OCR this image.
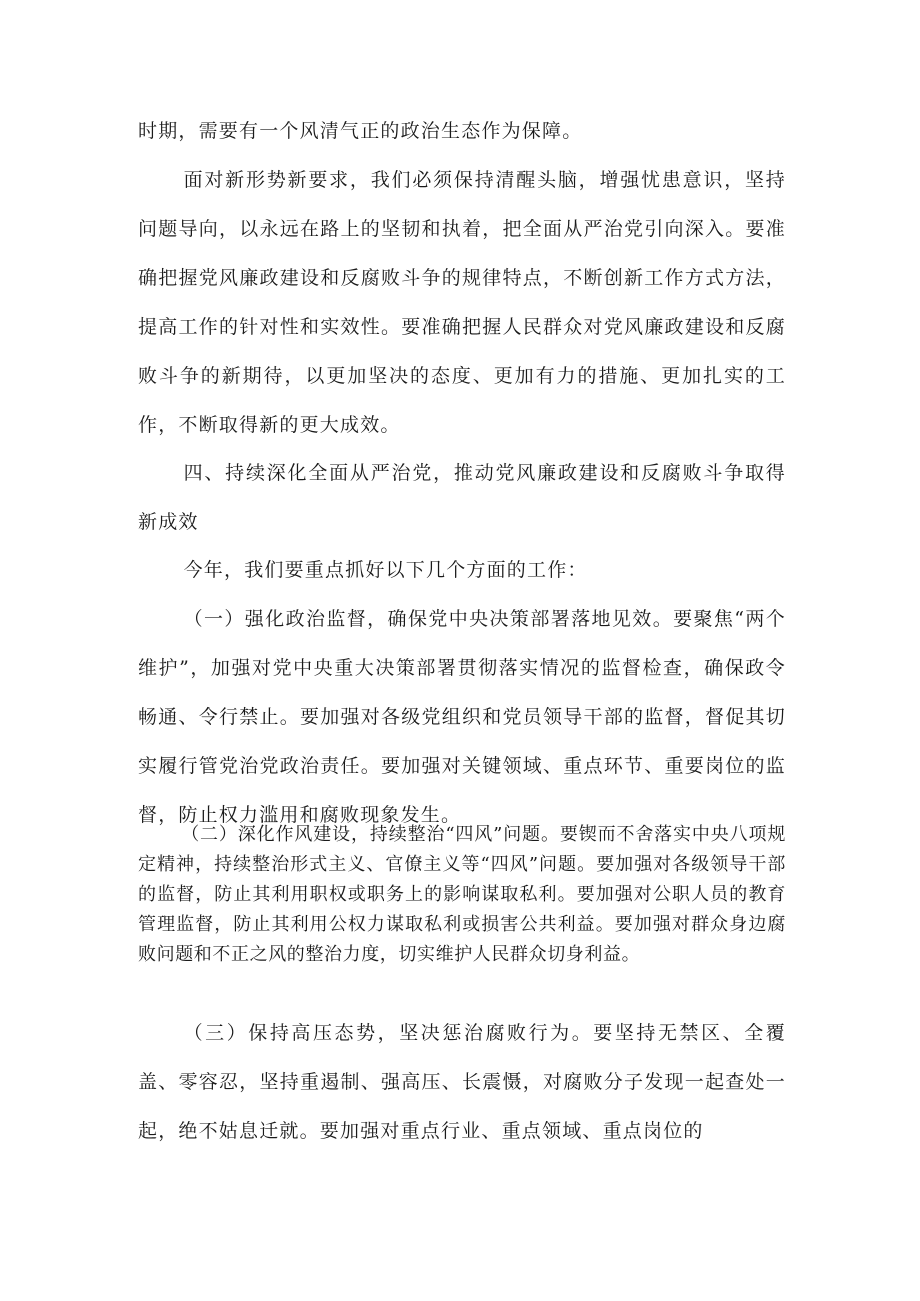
时期，需要有一个风清气正的政治生态作为保障。

面对新形势新要求，我们必须保持清醒头脑，增强忧患意识，坚持问题导向，以永远在路上的坚韧和执着，把全面从严治党引向深入。要准确把握党风廉政建设和反腐败斗争的规律特点，不断创新工作方式方法，提高工作的针对性和实效性。要准确把握人民群众对党风廉政建设和反腐败斗争的新期待，以更加坚决的态度、更加有力的措施、更加扎实的工作，不断取得新的更大成效。

四、持续深化全面从严治党，推动党风廉政建设和反腐败斗争取得新成效

今年，我们要重点抓好以下几个方面的工作：

（一）强化政治监督，确保党中央决策部署落地见效。要聚焦“两个维护”，加强对党中央重大决策部署贯彻落实情况的监督检查，确保政令畅通、令行禁止。要加强对各级党组织和党员领导干部的监督，督促其切实履行管党治党政治责任。要加强对关键领域、重点环节、重要岗位的监督，防止权力滥用和腐败现象发生。

（二）深化作风建设，持续整治“四风”问题。要锲而不舍落实中央八项规定精神，持续整治形式主义、官僚主义等“四风”问题。要加强对各级领导干部的监督，防止其利用职权或职务上的影响谋取私利。要加强对公职人员的教育管理监督，防止其利用公权力谋取私利或损害公共利益。要加强对群众身边腐败问题和不正之风的整治力度，切实维护人民群众切身利益。

（三）保持高压态势，坚决惩治腐败行为。要坚持无禁区、全覆盖、零容忍，坚持重遏制、强高压、长震慑，对腐败分子发现一起查处一起，绝不姑息迁就。要加强对重点行业、重点领域、重点岗位的
